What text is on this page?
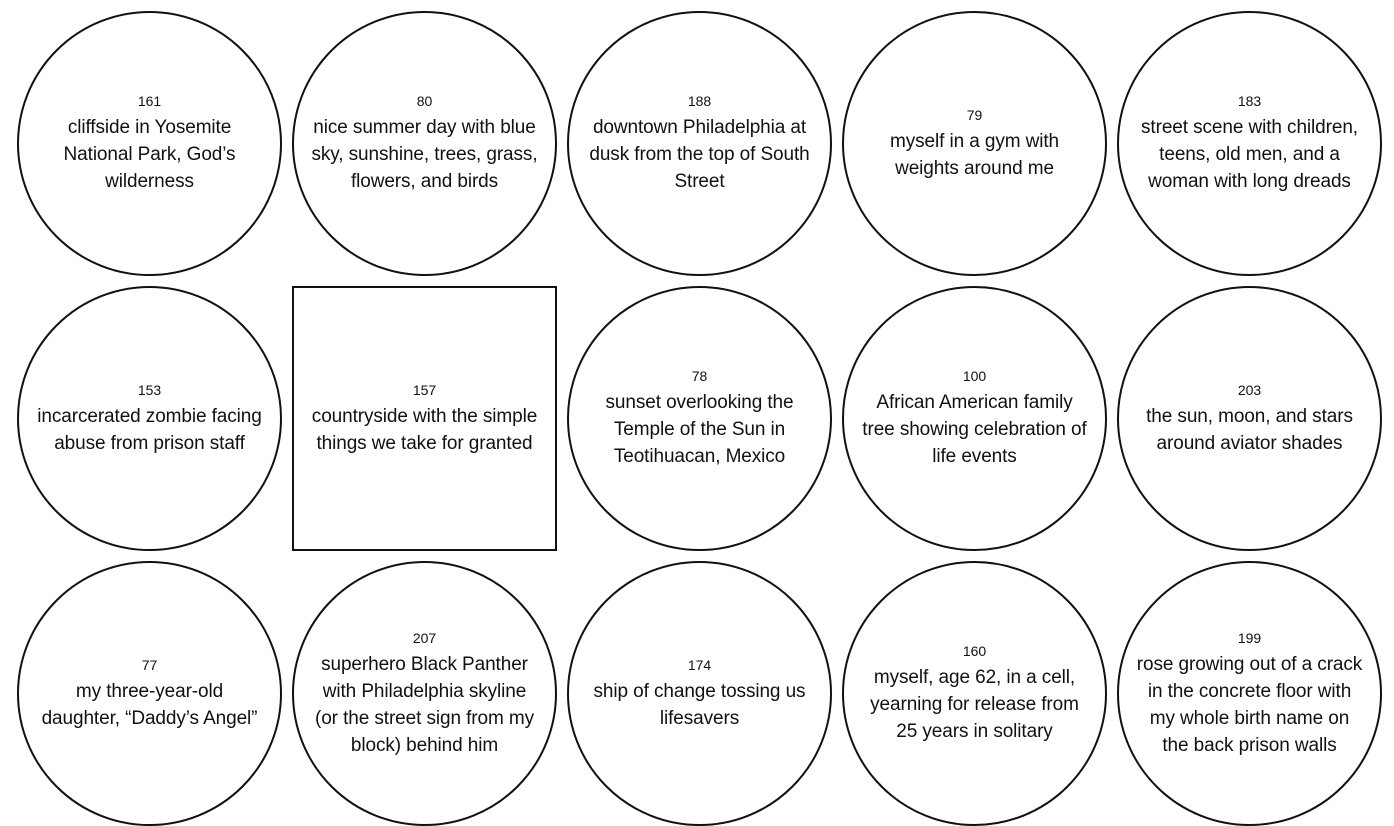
161
cliffside in Yosemite National Park, God’s wilderness
80
nice summer day with blue sky, sunshine, trees, grass, flowers, and birds
188
downtown Philadelphia at dusk from the top of South Street
79
myself in a gym with weights around me
183
street scene with children, teens, old men, and a woman with long dreads
153
incarcerated zombie facing abuse from prison staff
157
countryside with the simple things we take for granted
78
sunset overlooking the Temple of the Sun in Teotihuacan, Mexico
100
African American family tree showing celebration of life events
203
the sun, moon, and stars around aviator shades
77
my three-year-old daughter, “Daddy’s Angel”
207
superhero Black Panther with Philadelphia skyline (or the street sign from my block) behind him
174
ship of change tossing us lifesavers
160
myself, age 62, in a cell, yearning for release from 25 years in solitary
199
rose growing out of a crack in the concrete floor with my whole birth name on the back prison walls
